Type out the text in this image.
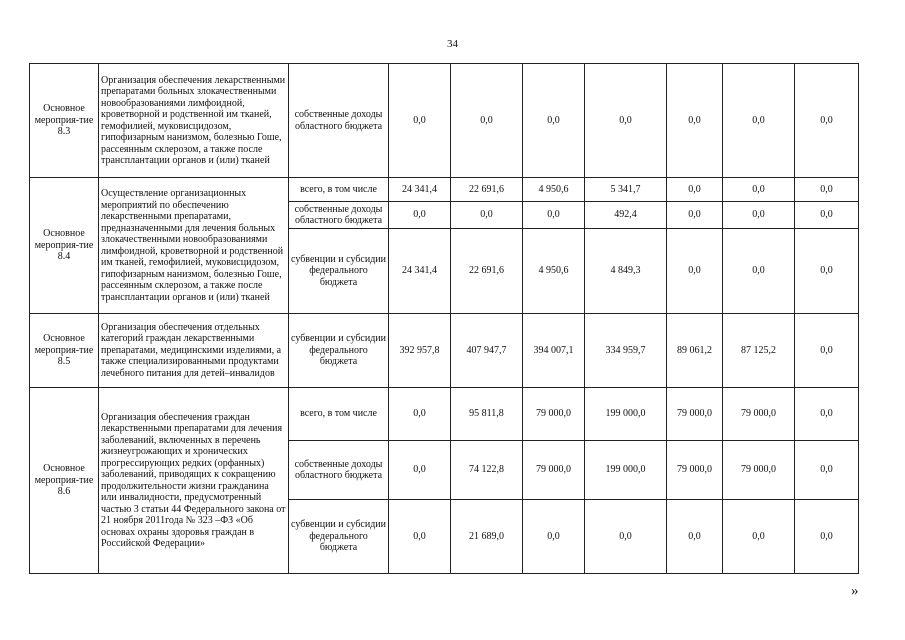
34
Основное мероприя-тие 8.3	Организация обеспечения лекарственными препаратами больных злокачественными новообразованиями лимфоидной, кроветворной и родственной им тканей, гемофилией, муковисцидозом, гипофизарным нанизмом, болезнью Гоше, рассеянным склерозом, а также после трансплантации органов и (или) тканей	собственные доходы областного бюджета	0,0	0,0	0,0	0,0	0,0	0,0	0,0
Основное мероприя-тие 8.4	Осуществление организационных мероприятий по обеспечению лекарственными препаратами, предназначенными для лечения больных злокачественными новообразованиями лимфоидной, кроветворной и родственной им тканей, гемофилией, муковисцидозом, гипофизарным нанизмом, болезнью Гоше, рассеянным склерозом, а также после трансплантации органов и (или) тканей	всего, в том числе	24 341,4	22 691,6	4 950,6	5 341,7	0,0	0,0	0,0
		собственные доходы областного бюджета	0,0	0,0	0,0	492,4	0,0	0,0	0,0
		субвенции и субсидии федерального бюджета	24 341,4	22 691,6	4 950,6	4 849,3	0,0	0,0	0,0
Основное мероприя-тие 8.5	Организация обеспечения отдельных категорий граждан лекарственными препаратами, медицинскими изделиями, а также специализированными продуктами лечебного питания для детей–инвалидов	субвенции и субсидии федерального бюджета	392 957,8	407 947,7	394 007,1	334 959,7	89 061,2	87 125,2	0,0
Основное мероприя-тие 8.6	Организация обеспечения граждан лекарственными препаратами для лечения заболеваний, включенных в перечень жизнеугрожающих и хронических прогрессирующих редких (орфанных) заболеваний, приводящих к сокращению продолжительности жизни гражданина или инвалидности, предусмотренный частью 3 статьи 44 Федерального закона от 21 ноября 2011года № 323 –ФЗ «Об основах охраны здоровья граждан в Российской Федерации»	всего, в том числе	0,0	95 811,8	79 000,0	199 000,0	79 000,0	79 000,0	0,0
		собственные доходы областного бюджета	0,0	74 122,8	79 000,0	199 000,0	79 000,0	79 000,0	0,0
		субвенции и субсидии федерального бюджета	0,0	21 689,0	0,0	0,0	0,0	0,0	0,0
»
